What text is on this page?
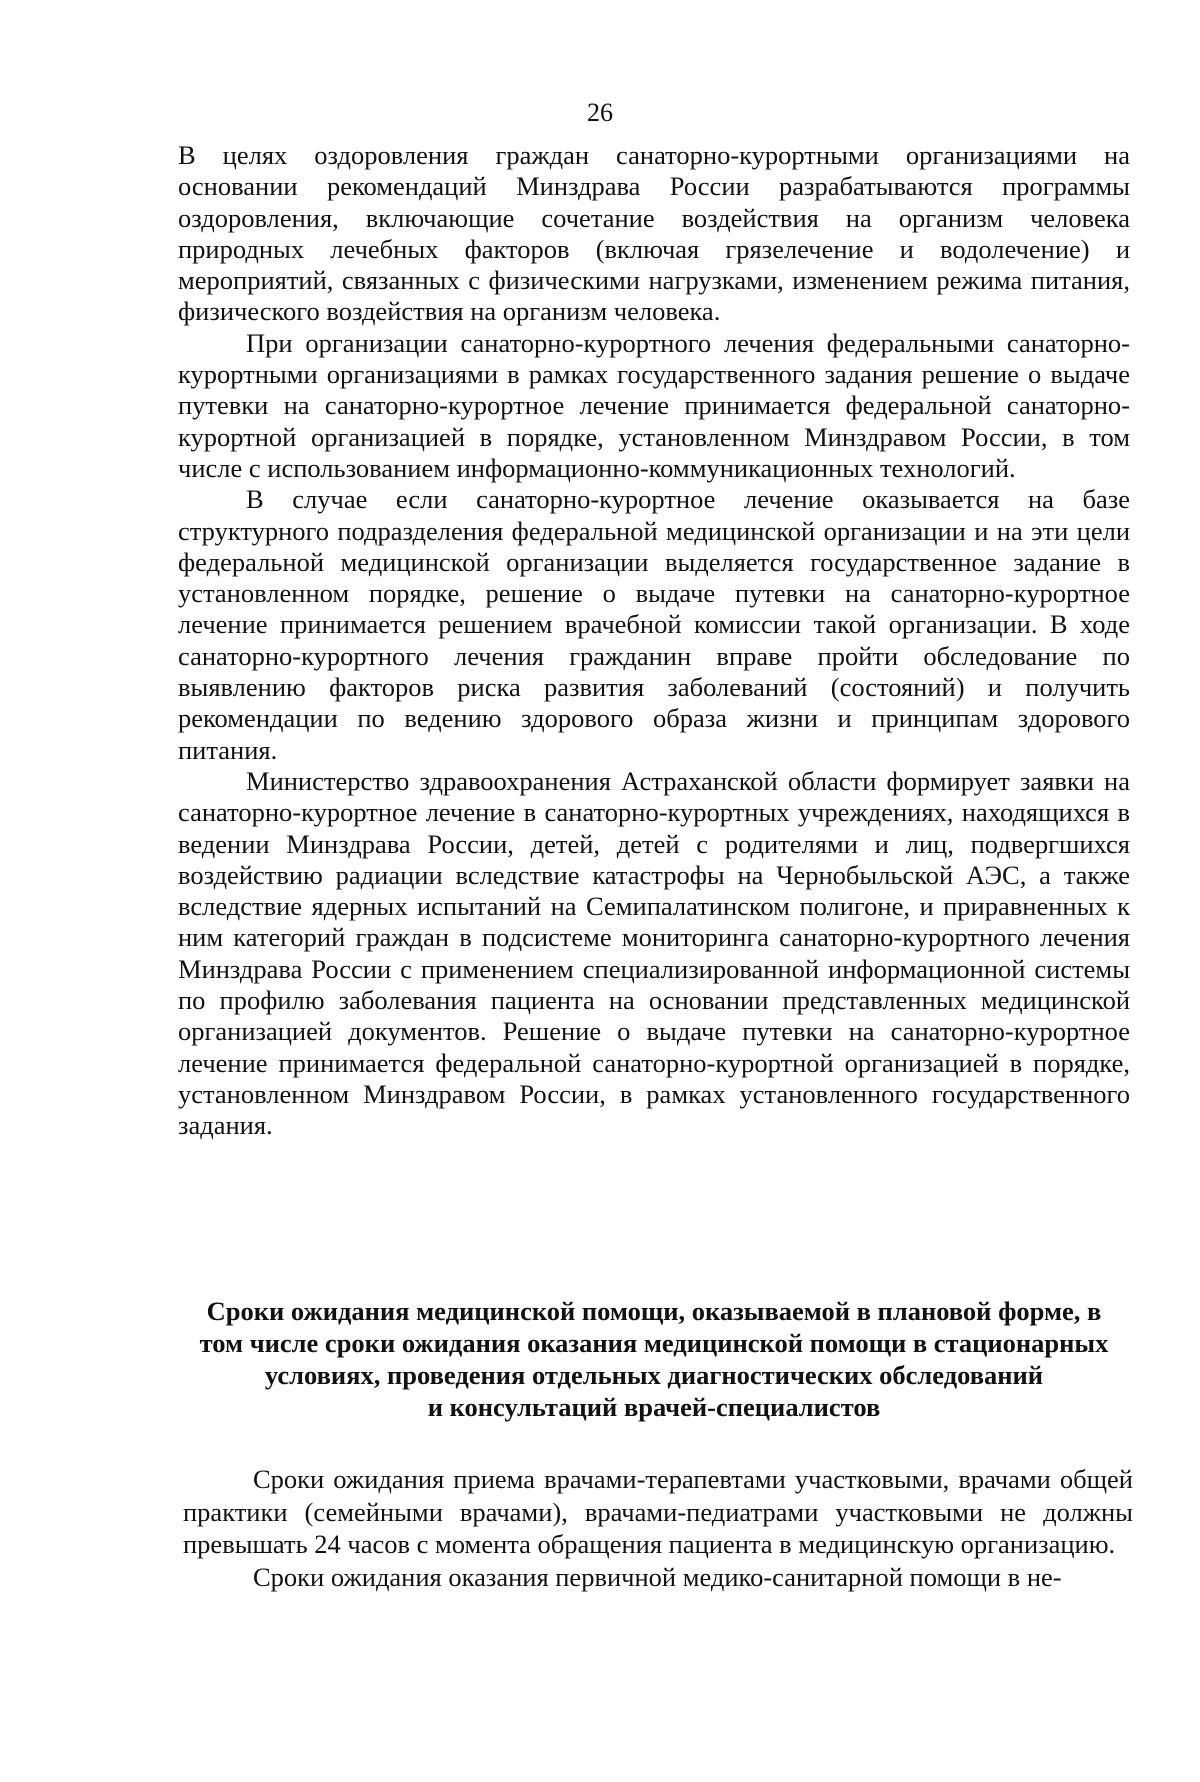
26

В целях оздоровления граждан санаторно-курортными организациями на основании рекомендаций Минздрава России разрабатываются программы оздоровления, включающие сочетание воздействия на организм человека природных лечебных факторов (включая грязелечение и водолечение) и мероприятий, связанных с физическими нагрузками, изменением режима питания, физического воздействия на организм человека.

При организации санаторно-курортного лечения федеральными санаторно-курортными организациями в рамках государственного задания решение о выдаче путевки на санаторно-курортное лечение принимается федеральной санаторно-курортной организацией в порядке, установленном Минздравом России, в том числе с использованием информационно-коммуникационных технологий.

В случае если санаторно-курортное лечение оказывается на базе структурного подразделения федеральной медицинской организации и на эти цели федеральной медицинской организации выделяется государственное задание в установленном порядке, решение о выдаче путевки на санаторно-курортное лечение принимается решением врачебной комиссии такой организации. В ходе санаторно-курортного лечения гражданин вправе пройти обследование по выявлению факторов риска развития заболеваний (состояний) и получить рекомендации по ведению здорового образа жизни и принципам здорового питания.

Министерство здравоохранения Астраханской области формирует заявки на санаторно-курортное лечение в санаторно-курортных учреждениях, находящихся в ведении Минздрава России, детей, детей с родителями и лиц, подвергшихся воздействию радиации вследствие катастрофы на Чернобыльской АЭС, а также вследствие ядерных испытаний на Семипалатинском полигоне, и приравненных к ним категорий граждан в подсистеме мониторинга санаторно-курортного лечения Минздрава России с применением специализированной информационной системы по профилю заболевания пациента на основании представленных медицинской организацией документов. Решение о выдаче путевки на санаторно-курортное лечение принимается федеральной санаторно-курортной организацией в порядке, установленном Минздравом России, в рамках установленного государственного задания.

Сроки ожидания медицинской помощи, оказываемой в плановой форме, в
том числе сроки ожидания оказания медицинской помощи в стационарных
условиях, проведения отдельных диагностических обследований
и консультаций врачей-специалистов

Сроки ожидания приема врачами-терапевтами участковыми, врачами общей практики (семейными врачами), врачами-педиатрами участковыми не должны превышать 24 часов с момента обращения пациента в медицинскую организацию.

Сроки ожидания оказания первичной медико-санитарной помощи в не-
